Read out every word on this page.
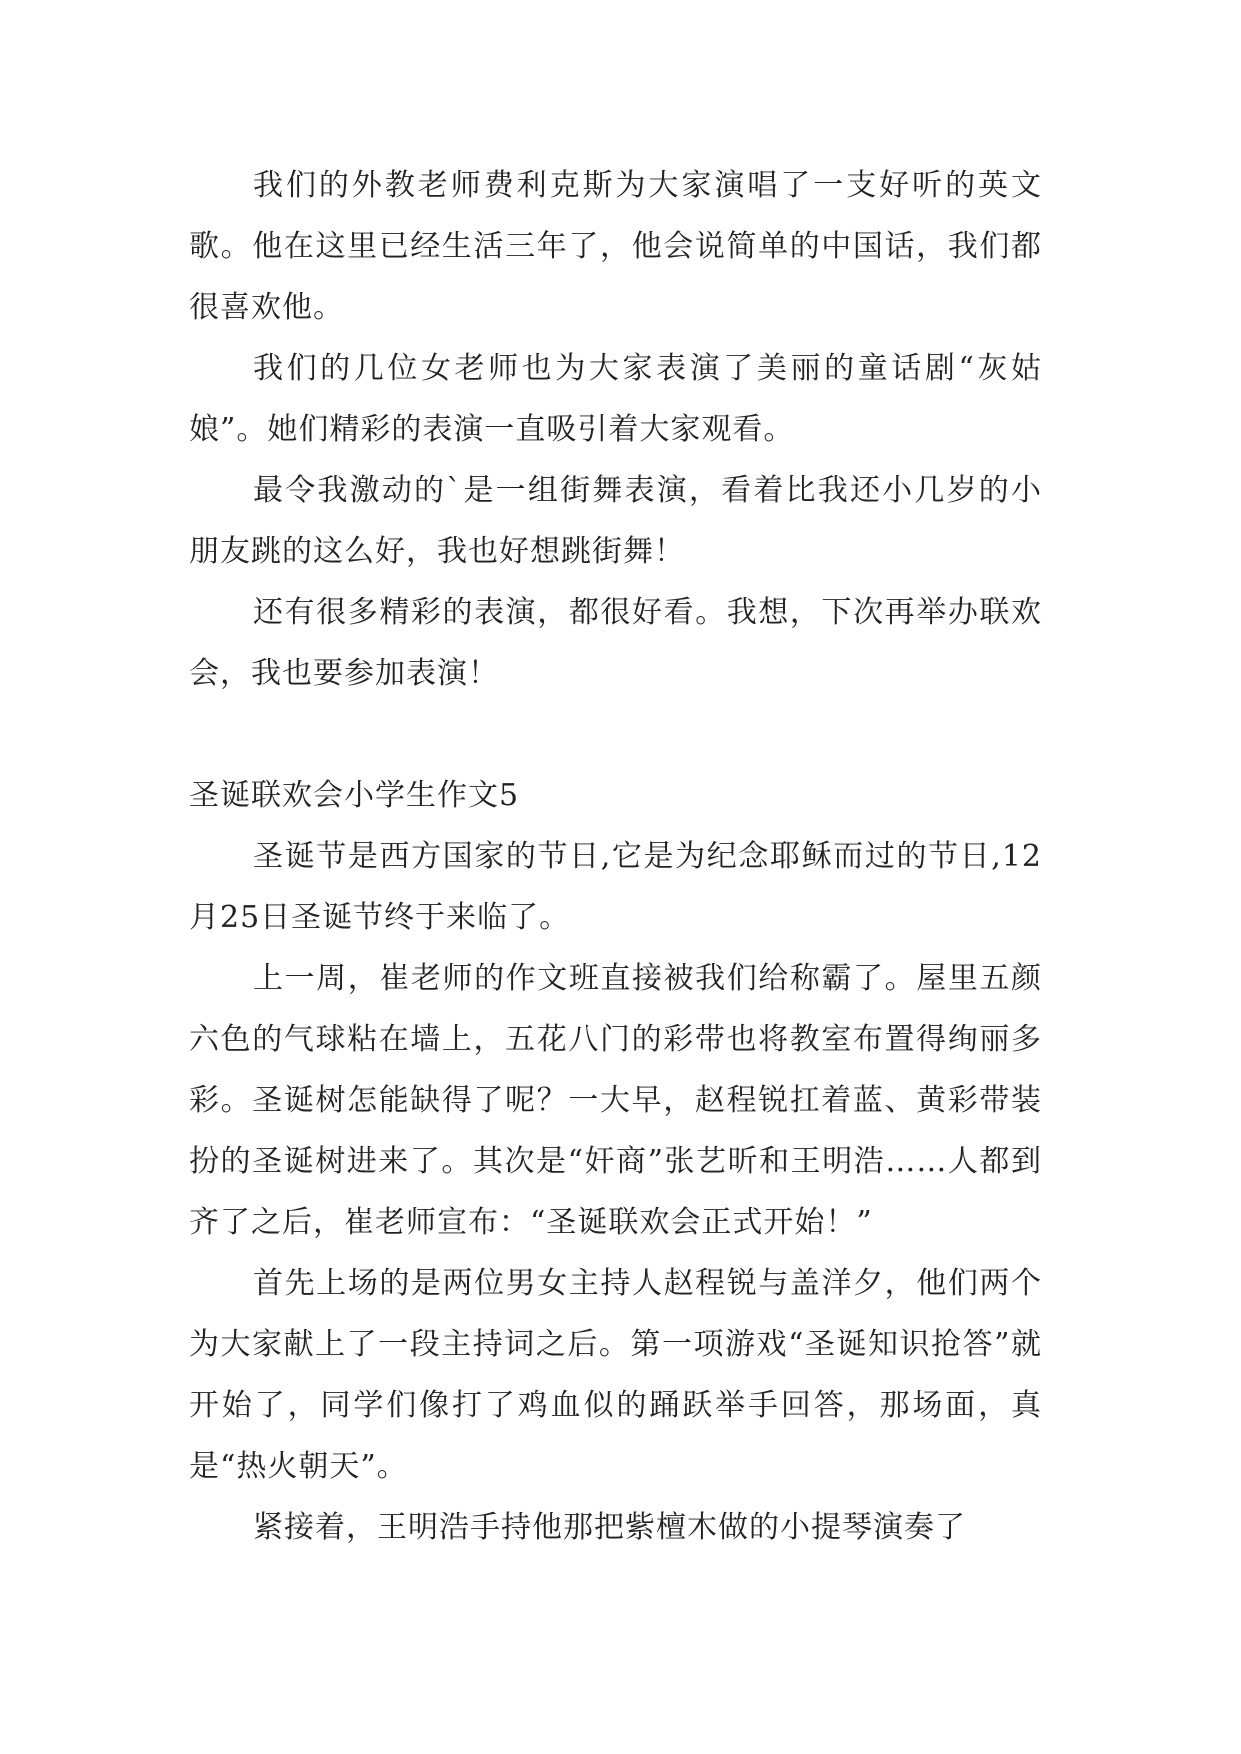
我们的外教老师费利克斯为大家演唱了一支好听的英文歌。他在这里已经生活三年了，他会说简单的中国话，我们都很喜欢他。

我们的几位女老师也为大家表演了美丽的童话剧“灰姑娘”。她们精彩的表演一直吸引着大家观看。

最令我激动的`是一组街舞表演，看着比我还小几岁的小朋友跳的这么好，我也好想跳街舞！

还有很多精彩的表演，都很好看。我想，下次再举办联欢会，我也要参加表演！

圣诞联欢会小学生作文5

圣诞节是西方国家的节日,它是为纪念耶稣而过的节日,12月25日圣诞节终于来临了。

上一周，崔老师的作文班直接被我们给称霸了。屋里五颜六色的气球粘在墙上，五花八门的彩带也将教室布置得绚丽多彩。圣诞树怎能缺得了呢？一大早，赵程锐扛着蓝、黄彩带装扮的圣诞树进来了。其次是“奸商”张艺昕和王明浩……人都到齐了之后，崔老师宣布：“圣诞联欢会正式开始！”

首先上场的是两位男女主持人赵程锐与盖洋夕，他们两个为大家献上了一段主持词之后。第一项游戏“圣诞知识抢答”就开始了，同学们像打了鸡血似的踊跃举手回答，那场面，真是“热火朝天”。

紧接着，王明浩手持他那把紫檀木做的小提琴演奏了
